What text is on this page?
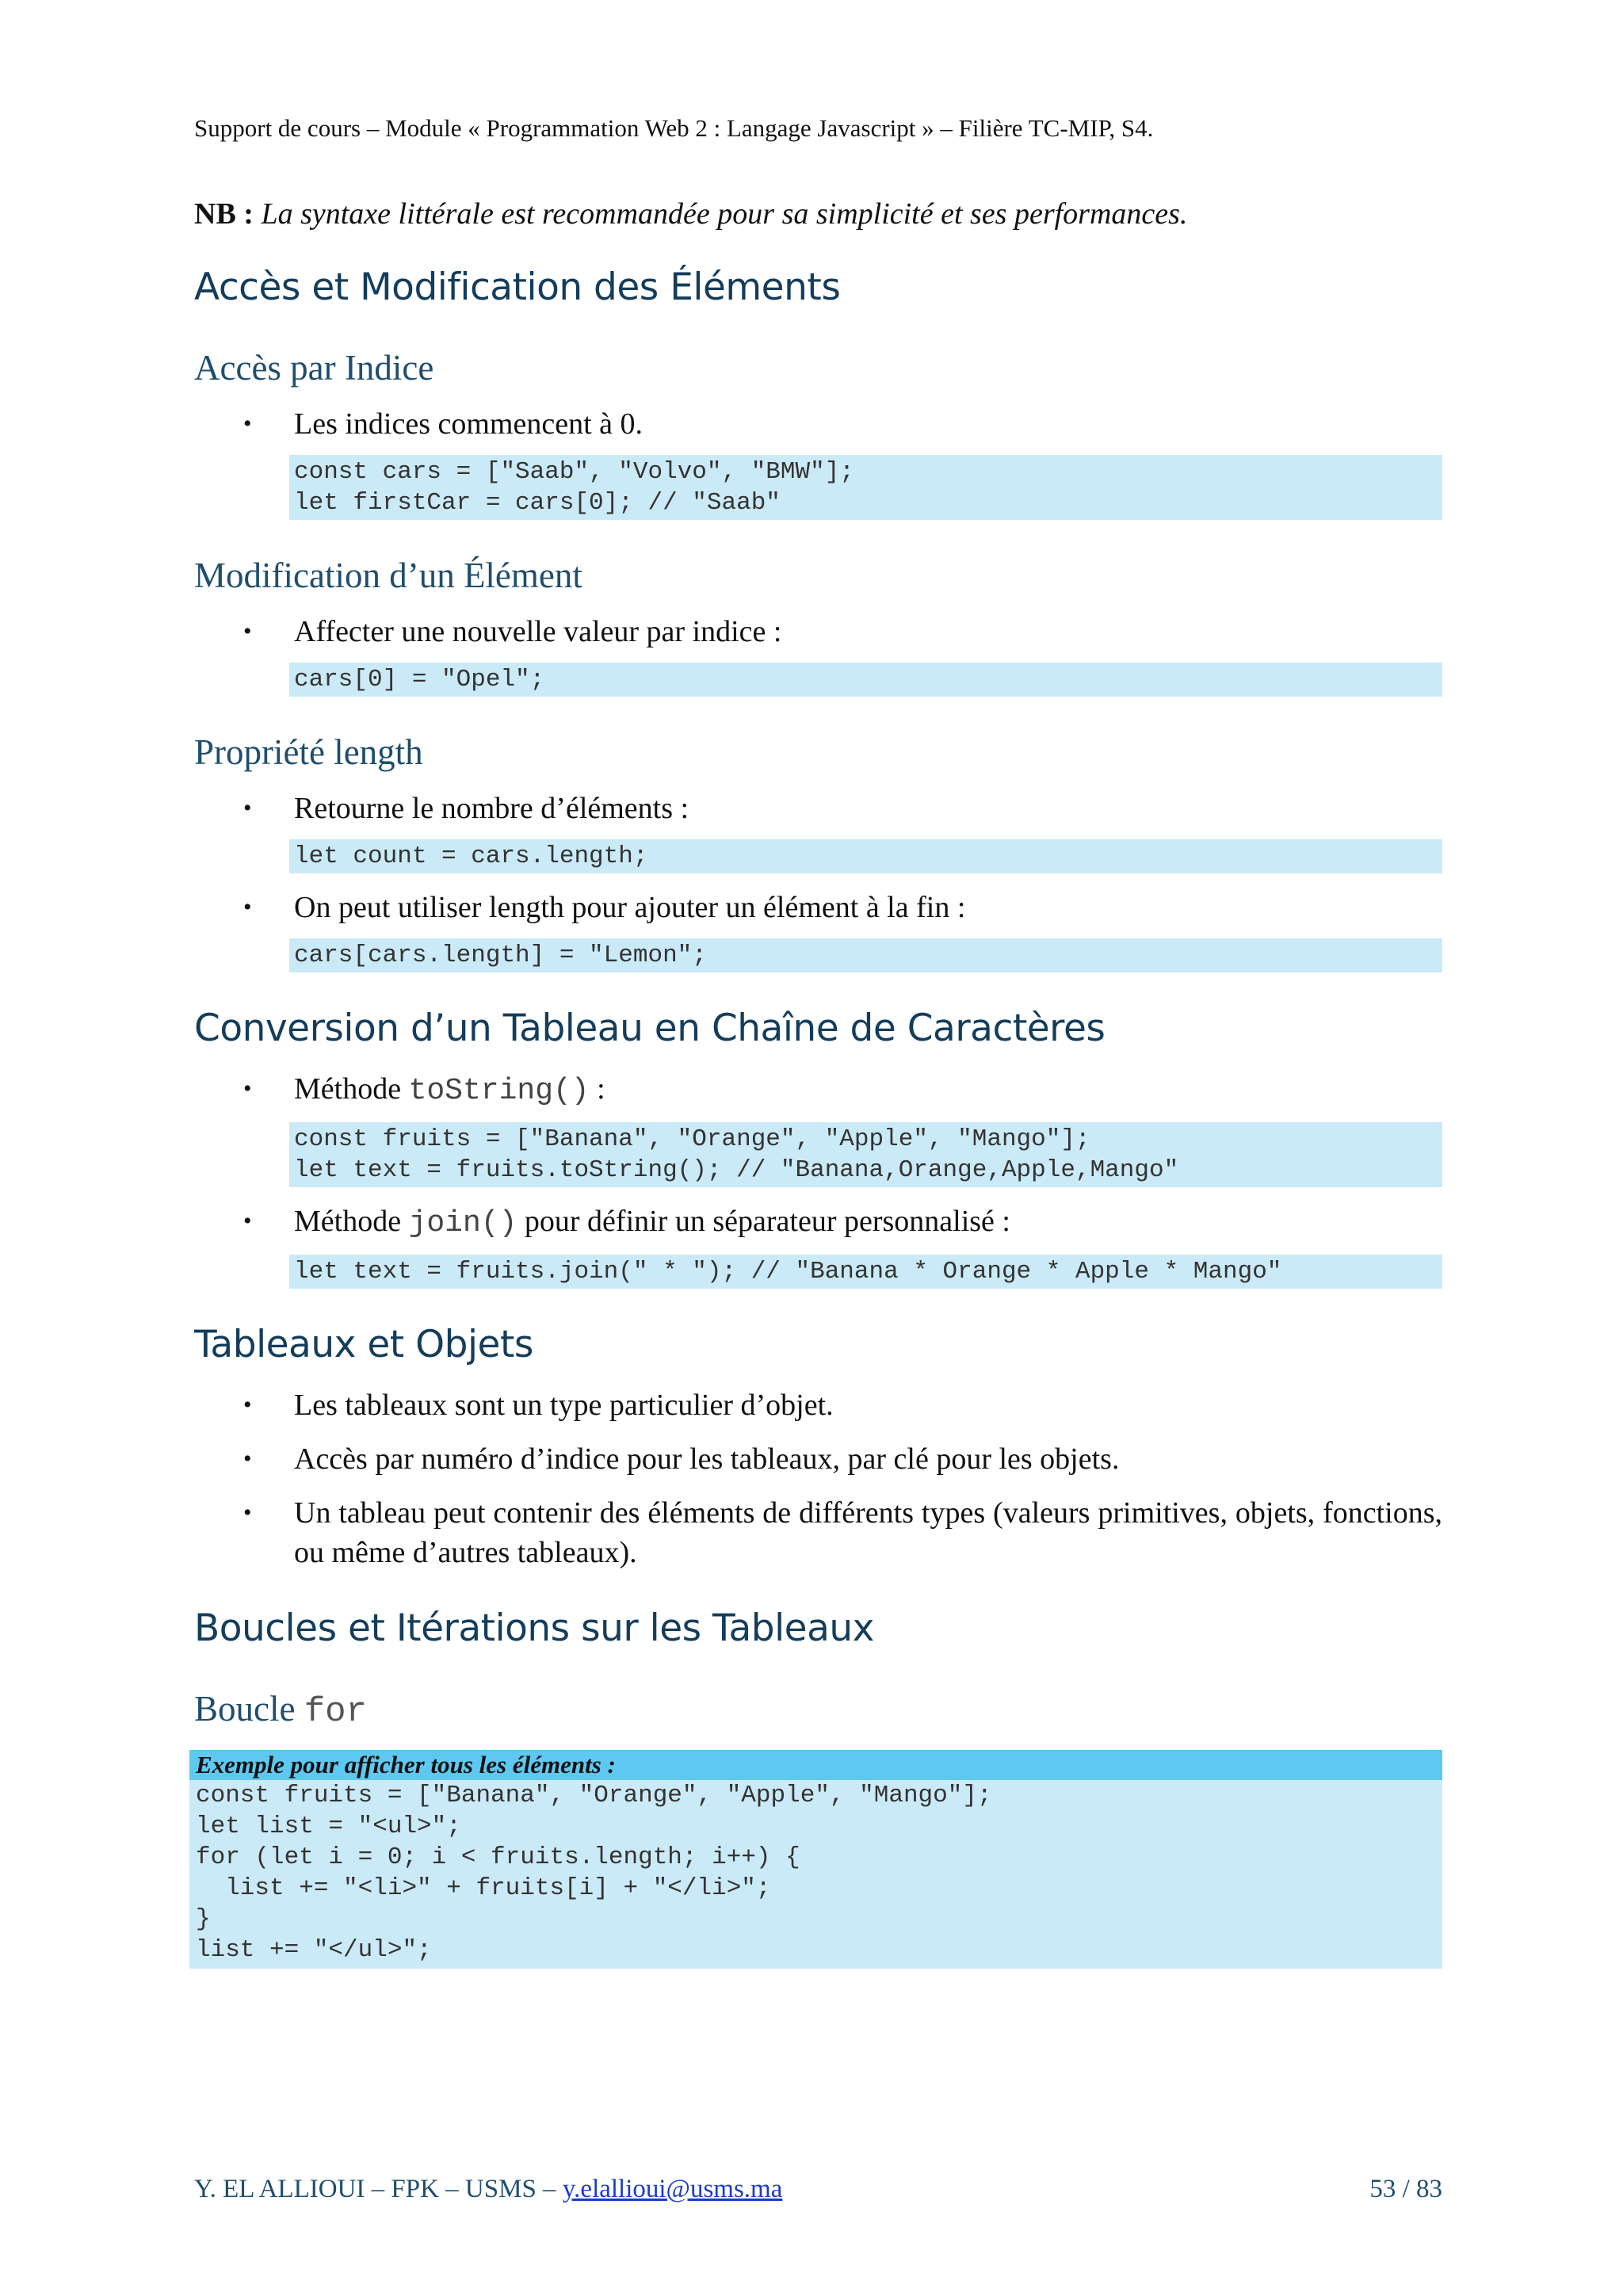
Support de cours – Module « Programmation Web 2 : Langage Javascript » – Filière TC-MIP, S4.

NB : La syntaxe littérale est recommandée pour sa simplicité et ses performances.

Accès et Modification des Éléments
Accès par Indice
• Les indices commencent à 0.
const cars = ["Saab", "Volvo", "BMW"];
let firstCar = cars[0]; // "Saab"
Modification d’un Élément
• Affecter une nouvelle valeur par indice :
cars[0] = "Opel";
Propriété length
• Retourne le nombre d’éléments :
let count = cars.length;
• On peut utiliser length pour ajouter un élément à la fin :
cars[cars.length] = "Lemon";
Conversion d’un Tableau en Chaîne de Caractères
• Méthode toString() :
const fruits = ["Banana", "Orange", "Apple", "Mango"];
let text = fruits.toString(); // "Banana,Orange,Apple,Mango"
• Méthode join() pour définir un séparateur personnalisé :
let text = fruits.join(" * "); // "Banana * Orange * Apple * Mango"
Tableaux et Objets
• Les tableaux sont un type particulier d’objet.
• Accès par numéro d’indice pour les tableaux, par clé pour les objets.
• Un tableau peut contenir des éléments de différents types (valeurs primitives, objets, fonctions, ou même d’autres tableaux).
Boucles et Itérations sur les Tableaux
Boucle for
Exemple pour afficher tous les éléments :
const fruits = ["Banana", "Orange", "Apple", "Mango"];
let list = "<ul>";
for (let i = 0; i < fruits.length; i++) {
list += "<li>" + fruits[i] + "</li>";
}
list += "</ul>";
Y. EL ALLIOUI – FPK – USMS – y.elallioui@usms.ma	53 / 83
